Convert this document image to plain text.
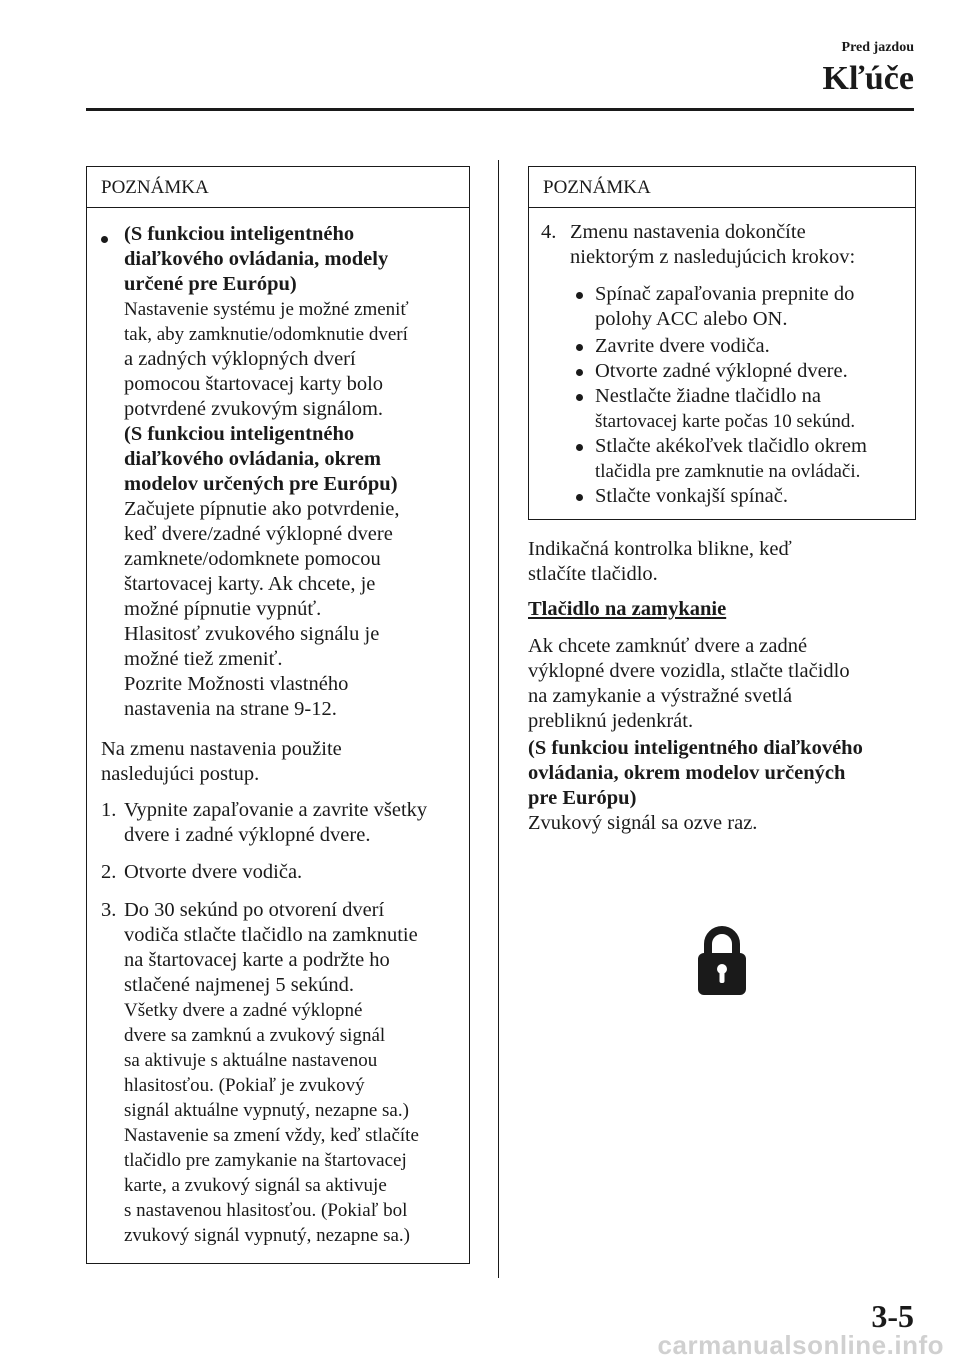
Pred jazdou
Kľúče
POZNÁMKA
(S funkciou inteligentného
diaľkového ovládania, modely
určené pre Európu)
Nastavenie systému je možné zmeniť
tak, aby zamknutie/odomknutie dverí
a zadných výklopných dverí
pomocou štartovacej karty bolo
potvrdené zvukovým signálom.
(S funkciou inteligentného
diaľkového ovládania, okrem
modelov určených pre Európu)
Začujete pípnutie ako potvrdenie,
keď dvere/zadné výklopné dvere
zamknete/odomknete pomocou
štartovacej karty. Ak chcete, je
možné pípnutie vypnúť.
Hlasitosť zvukového signálu je
možné tiež zmeniť.
Pozrite Možnosti vlastného
nastavenia na strane 9-12.
Na zmenu nastavenia použite
nasledujúci postup.
1. Vypnite zapaľovanie a zavrite všetky
dvere i zadné výklopné dvere.
2. Otvorte dvere vodiča.
3. Do 30 sekúnd po otvorení dverí
vodiča stlačte tlačidlo na zamknutie
na štartovacej karte a podržte ho
stlačené najmenej 5 sekúnd.
Všetky dvere a zadné výklopné
dvere sa zamknú a zvukový signál
sa aktivuje s aktuálne nastavenou
hlasitosťou. (Pokiaľ je zvukový
signál aktuálne vypnutý, nezapne sa.)
Nastavenie sa zmení vždy, keď stlačíte
tlačidlo pre zamykanie na štartovacej
karte, a zvukový signál sa aktivuje
s nastavenou hlasitosťou. (Pokiaľ bol
zvukový signál vypnutý, nezapne sa.)
POZNÁMKA
4. Zmenu nastavenia dokončíte
niektorým z nasledujúcich krokov:
Spínač zapaľovania prepnite do
polohy ACC alebo ON.
Zavrite dvere vodiča.
Otvorte zadné výklopné dvere.
Nestlačte žiadne tlačidlo na
štartovacej karte počas 10 sekúnd.
Stlačte akékoľvek tlačidlo okrem
tlačidla pre zamknutie na ovládači.
Stlačte vonkajší spínač.
Indikačná kontrolka blikne, keď
stlačíte tlačidlo.
Tlačidlo na zamykanie
Ak chcete zamknúť dvere a zadné
výklopné dvere vozidla, stlačte tlačidlo
na zamykanie a výstražné svetlá
prebliknú jedenkrát.
(S funkciou inteligentného diaľkového
ovládania, okrem modelov určených
pre Európu)
Zvukový signál sa ozve raz.
3-5
carmanualsonline.info
